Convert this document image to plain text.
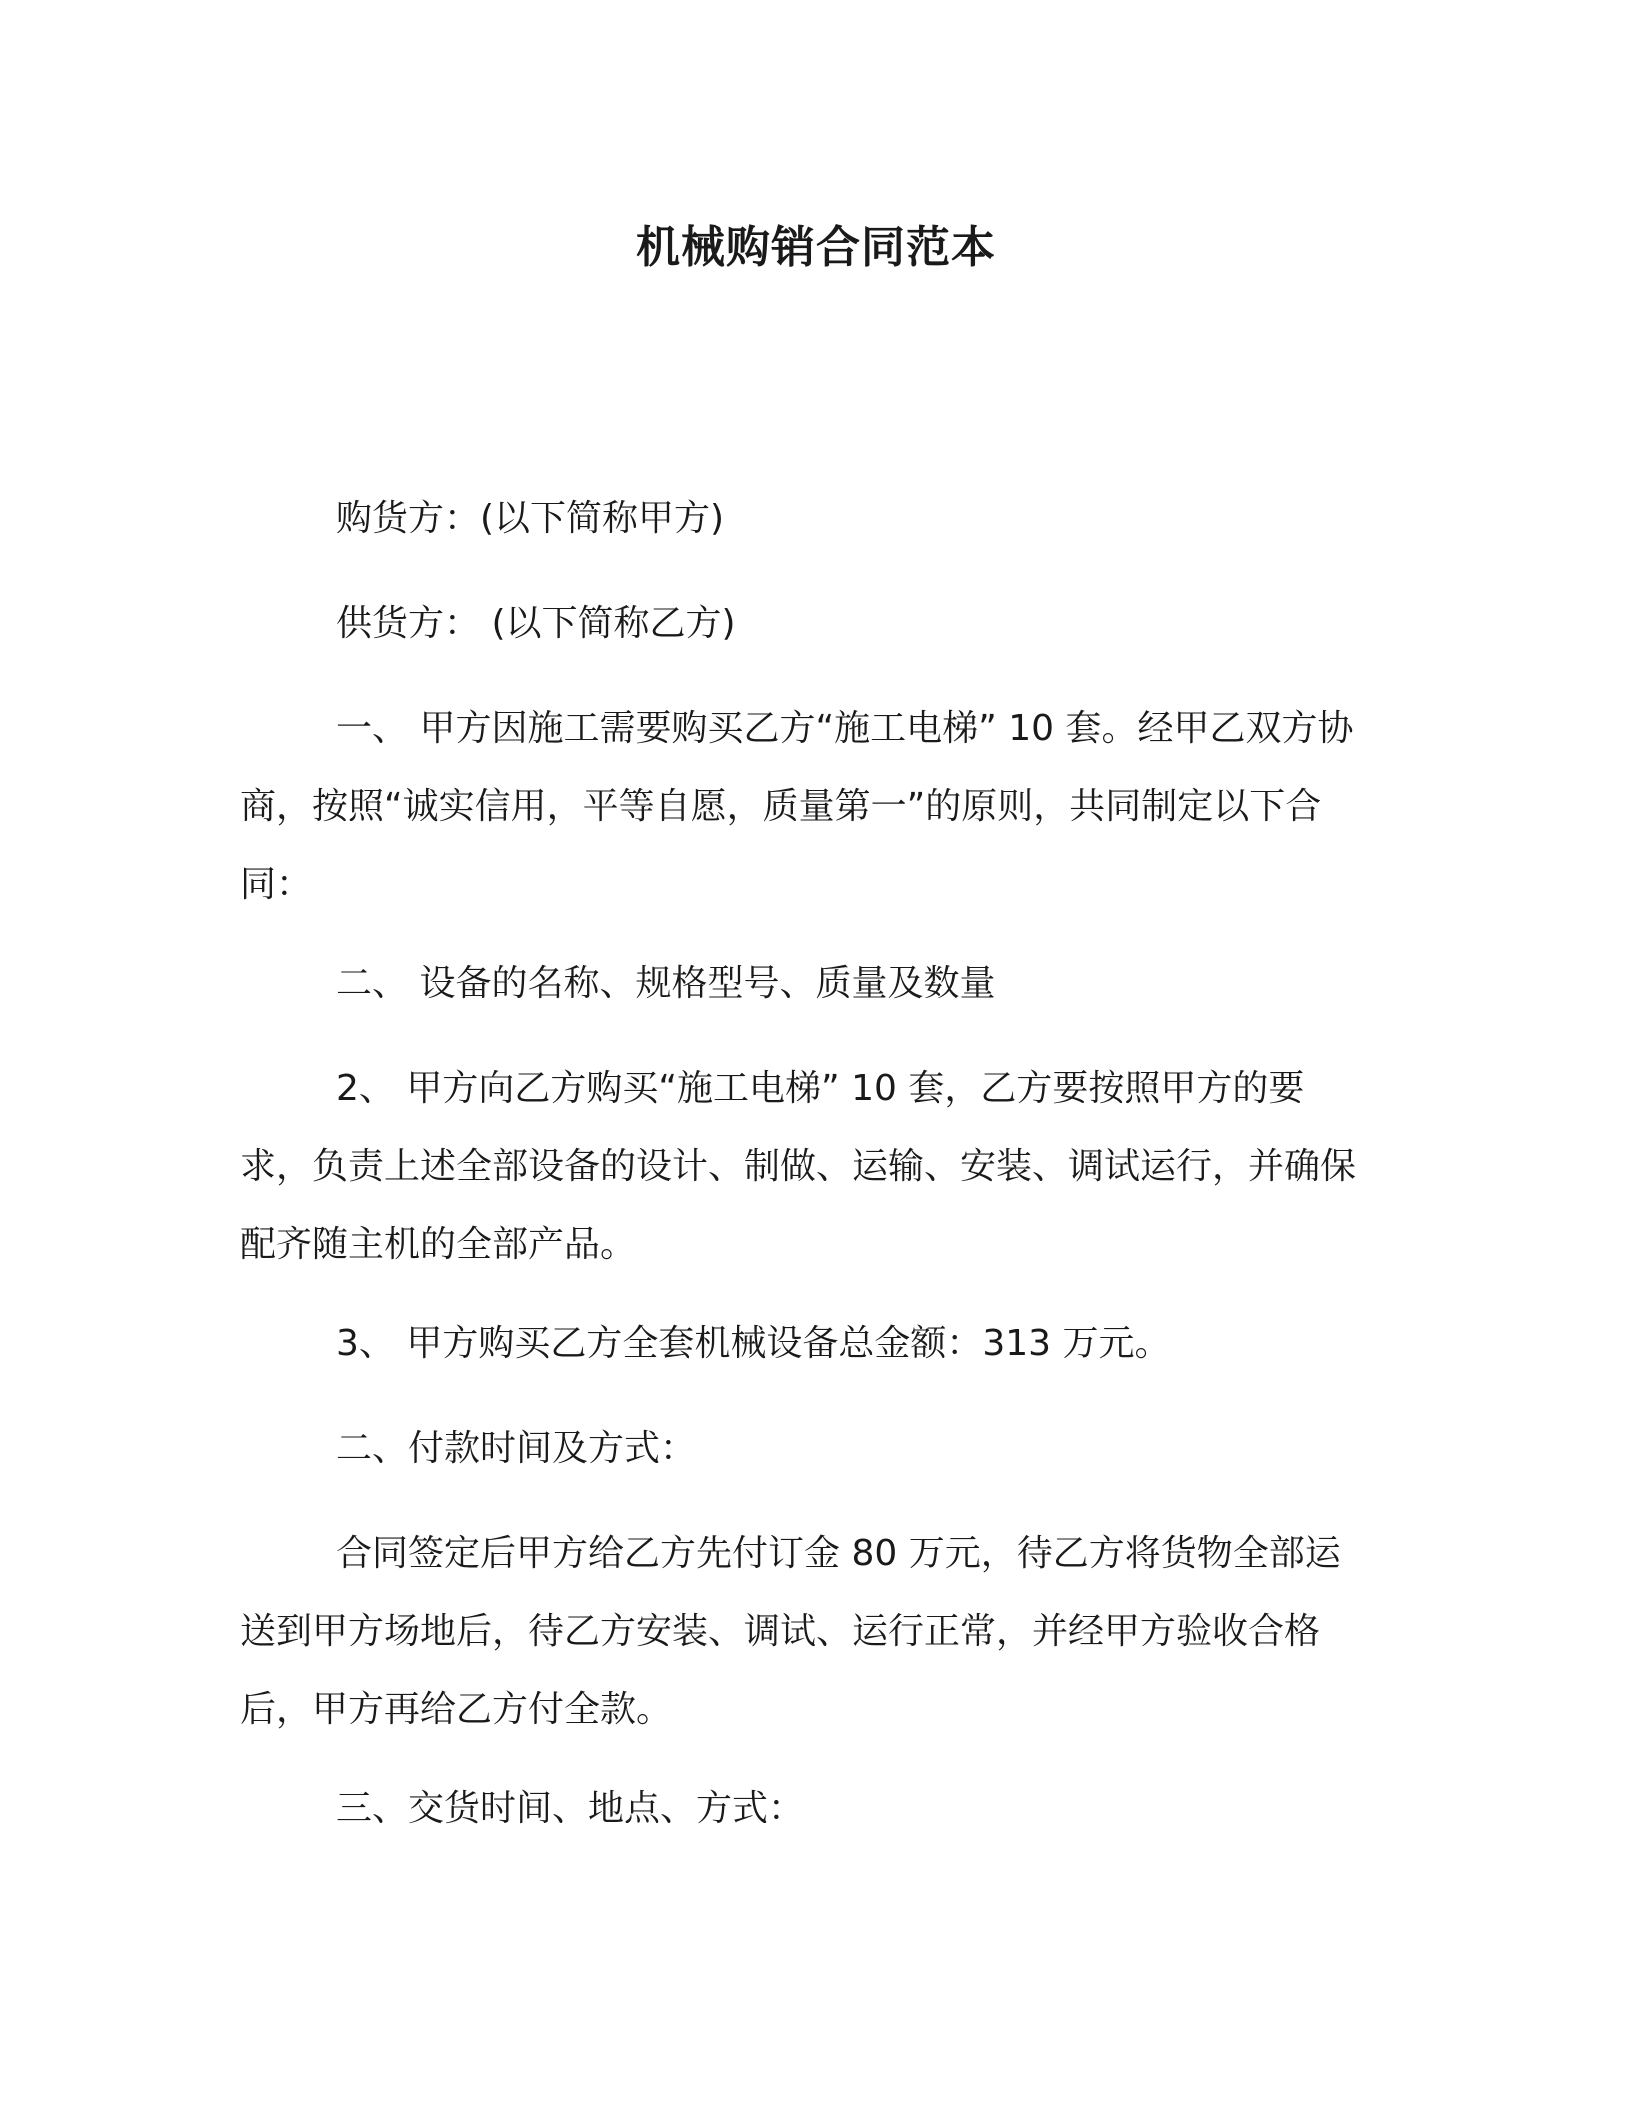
机械购销合同范本

购货方：(以下简称甲方)

供货方： (以下简称乙方)

一、 甲方因施工需要购买乙方“施工电梯” 10 套。经甲乙双方协商，按照“诚实信用，平等自愿，质量第一”的原则，共同制定以下合同：

二、 设备的名称、规格型号、质量及数量

2、 甲方向乙方购买“施工电梯” 10 套，乙方要按照甲方的要求，负责上述全部设备的设计、制做、运输、安装、调试运行，并确保配齐随主机的全部产品。

3、 甲方购买乙方全套机械设备总金额：313 万元。

二、付款时间及方式：

合同签定后甲方给乙方先付订金 80 万元，待乙方将货物全部运送到甲方场地后，待乙方安装、调试、运行正常，并经甲方验收合格后，甲方再给乙方付全款。

三、交货时间、地点、方式：
